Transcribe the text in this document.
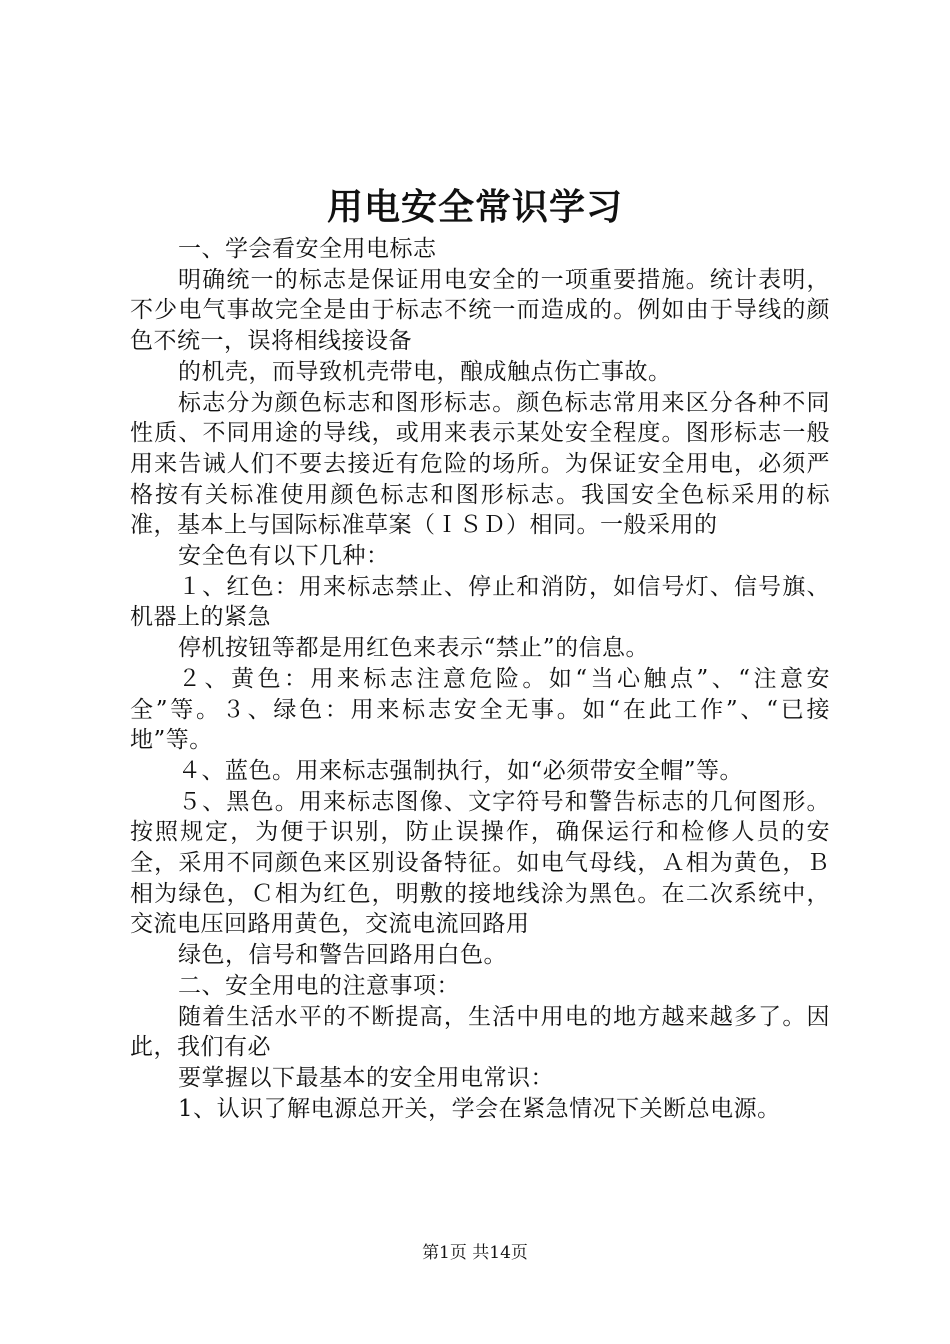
用电安全常识学习

一、学会看安全用电标志

明确统一的标志是保证用电安全的一项重要措施。统计表明，不少电气事故完全是由于标志不统一而造成的。例如由于导线的颜色不统一，误将相线接设备

的机壳，而导致机壳带电，酿成触点伤亡事故。

标志分为颜色标志和图形标志。颜色标志常用来区分各种不同性质、不同用途的导线，或用来表示某处安全程度。图形标志一般用来告诫人们不要去接近有危险的场所。为保证安全用电，必须严格按有关标准使用颜色标志和图形标志。我国安全色标采用的标准，基本上与国际标准草案（ＩＳＤ）相同。一般采用的

安全色有以下几种：

１、红色：用来标志禁止、停止和消防，如信号灯、信号旗、机器上的紧急

停机按钮等都是用红色来表示“禁止”的信息。

２、黄色：用来标志注意危险。如“当心触点”、“注意安全”等。３、绿色：用来标志安全无事。如“在此工作”、“已接地”等。

４、蓝色。用来标志强制执行，如“必须带安全帽”等。

５、黑色。用来标志图像、文字符号和警告标志的几何图形。按照规定，为便于识别，防止误操作，确保运行和检修人员的安全，采用不同颜色来区别设备特征。如电气母线，Ａ相为黄色，Ｂ相为绿色，Ｃ相为红色，明敷的接地线涂为黑色。在二次系统中，交流电压回路用黄色，交流电流回路用

绿色，信号和警告回路用白色。

二、安全用电的注意事项：

随着生活水平的不断提高，生活中用电的地方越来越多了。因此，我们有必

要掌握以下最基本的安全用电常识：

1、认识了解电源总开关，学会在紧急情况下关断总电源。

第1页 共14页
